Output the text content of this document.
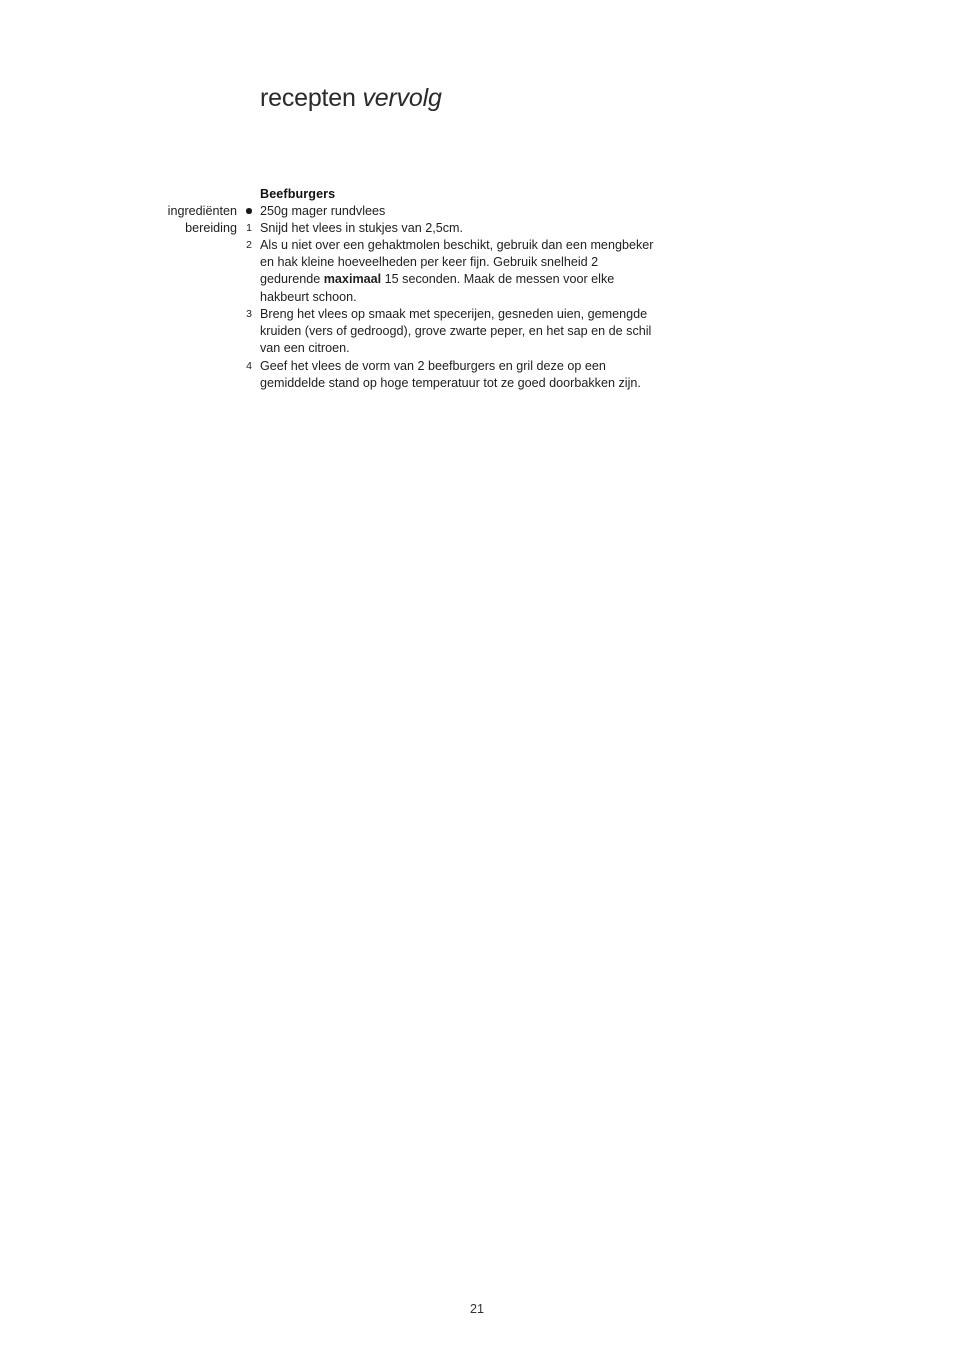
recepten vervolg
Beefburgers
ingrediënten 250g mager rundvlees
bereiding 1 Snijd het vlees in stukjes van 2,5cm.
2 Als u niet over een gehaktmolen beschikt, gebruik dan een mengbeker

en hak kleine hoeveelheden per keer fijn. Gebruik snelheid 2

gedurende maximaal 15 seconden. Maak de messen voor elke

hakbeurt schoon.

3 Breng het vlees op smaak met specerijen, gesneden uien, gemengde

kruiden (vers of gedroogd), grove zwarte peper, en het sap en de schil

van een citroen.

4 Geef het vlees de vorm van 2 beefburgers en gril deze op een

gemiddelde stand op hoge temperatuur tot ze goed doorbakken zijn.

21
